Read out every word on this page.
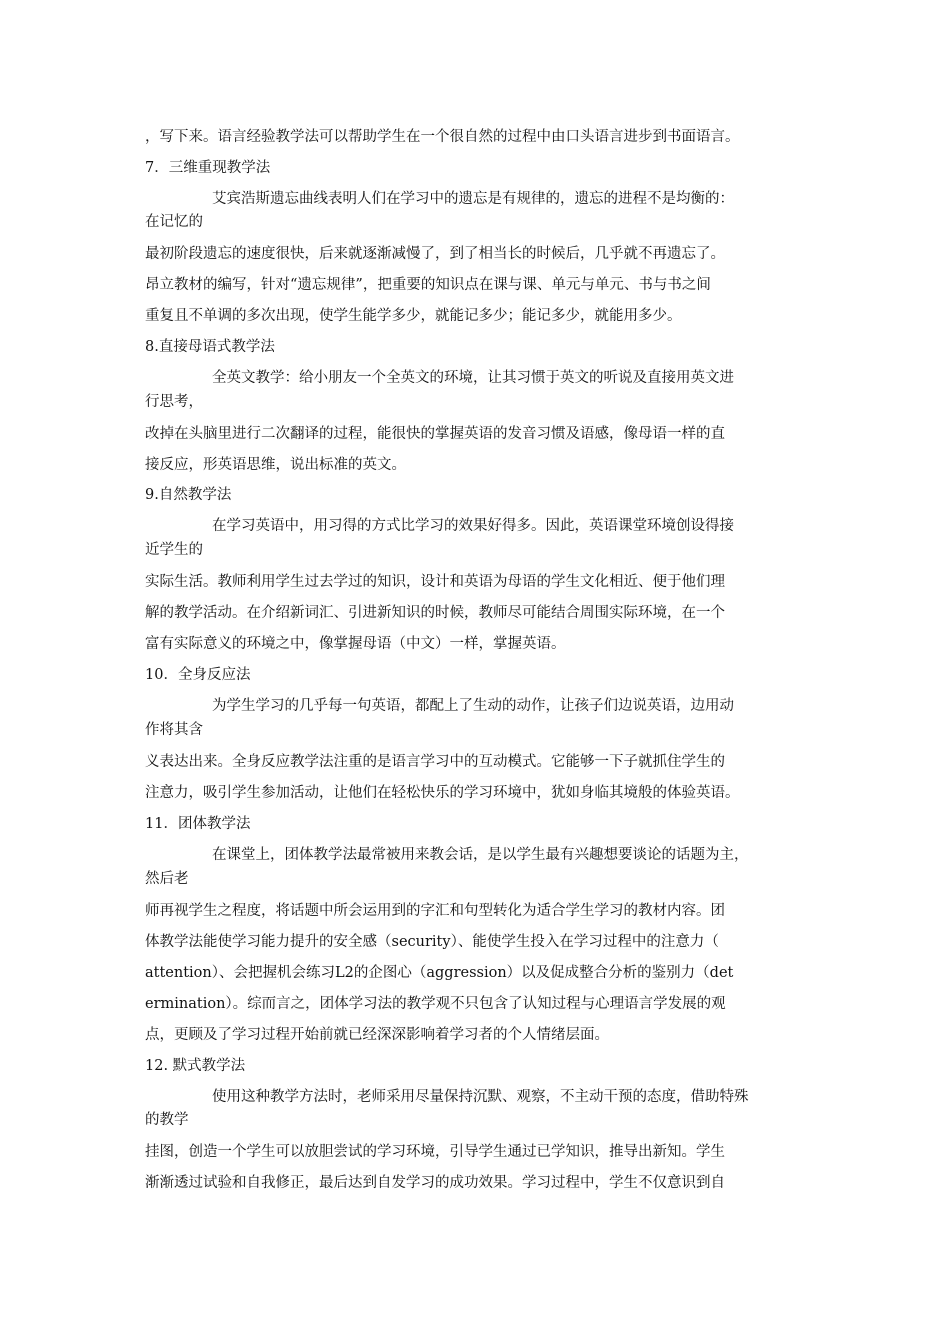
，写下来。语言经验教学法可以帮助学生在一个很自然的过程中由口头语言进步到书面语言。
7．三维重现教学法
艾宾浩斯遗忘曲线表明人们在学习中的遗忘是有规律的，遗忘的进程不是均衡的：
在记忆的
最初阶段遗忘的速度很快，后来就逐渐减慢了，到了相当长的时候后，几乎就不再遗忘了。
昂立教材的编写，针对“遗忘规律”，把重要的知识点在课与课、单元与单元、书与书之间
重复且不单调的多次出现，使学生能学多少，就能记多少；能记多少，就能用多少。
8.直接母语式教学法
全英文教学：给小朋友一个全英文的环境，让其习惯于英文的听说及直接用英文进
行思考，
改掉在头脑里进行二次翻译的过程，能很快的掌握英语的发音习惯及语感，像母语一样的直
接反应，形英语思维，说出标准的英文。
9.自然教学法
在学习英语中，用习得的方式比学习的效果好得多。因此，英语课堂环境创设得接
近学生的
实际生活。教师利用学生过去学过的知识，设计和英语为母语的学生文化相近、便于他们理
解的教学活动。在介绍新词汇、引进新知识的时候，教师尽可能结合周围实际环境，在一个
富有实际意义的环境之中，像掌握母语（中文）一样，掌握英语。
10．全身反应法
为学生学习的几乎每一句英语，都配上了生动的动作，让孩子们边说英语，边用动
作将其含
义表达出来。全身反应教学法注重的是语言学习中的互动模式。它能够一下子就抓住学生的
注意力，吸引学生参加活动，让他们在轻松快乐的学习环境中，犹如身临其境般的体验英语。
11．团体教学法
在课堂上，团体教学法最常被用来教会话，是以学生最有兴趣想要谈论的话题为主，
然后老
师再视学生之程度，将话题中所会运用到的字汇和句型转化为适合学生学习的教材内容。团
体教学法能使学习能力提升的安全感（security）、能使学生投入在学习过程中的注意力（
attention）、会把握机会练习L2的企图心（aggression）以及促成整合分析的鉴别力（det
ermination）。综而言之，团体学习法的教学观不只包含了认知过程与心理语言学发展的观
点，更顾及了学习过程开始前就已经深深影响着学习者的个人情绪层面。
12. 默式教学法
使用这种教学方法时，老师采用尽量保持沉默、观察，不主动干预的态度，借助特殊
的教学
挂图，创造一个学生可以放胆尝试的学习环境，引导学生通过已学知识，推导出新知。学生
渐渐透过试验和自我修正，最后达到自发学习的成功效果。学习过程中，学生不仅意识到自
